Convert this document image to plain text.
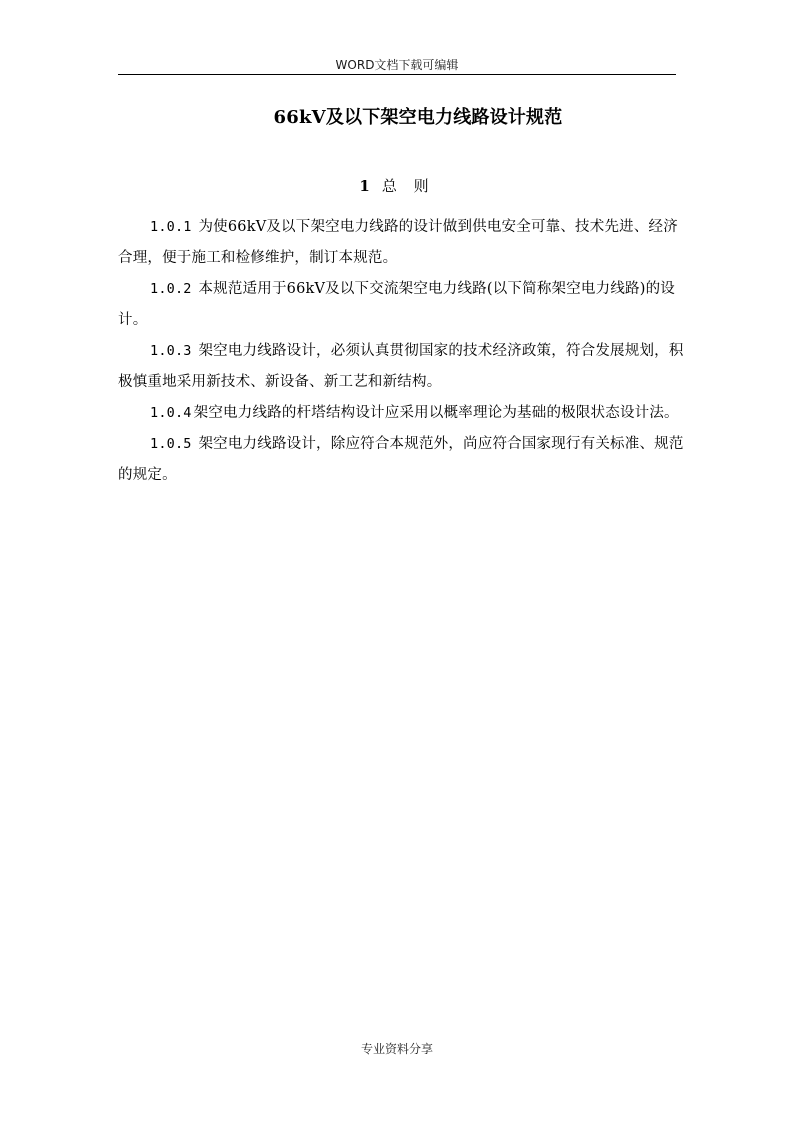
WORD文档下载可编辑
66kV及以下架空电力线路设计规范
1 总 则

1.0.1 为使66kV及以下架空电力线路的设计做到供电安全可靠、技术先进、经济合理，便于施工和检修维护，制订本规范。

1.0.2 本规范适用于66kV及以下交流架空电力线路(以下简称架空电力线路)的设计。

1.0.3 架空电力线路设计，必须认真贯彻国家的技术经济政策，符合发展规划，积极慎重地采用新技术、新设备、新工艺和新结构。

1.0.4 架空电力线路的杆塔结构设计应采用以概率理论为基础的极限状态设计法。

1.0.5 架空电力线路设计，除应符合本规范外，尚应符合国家现行有关标准、规范的规定。

专业资料分享
